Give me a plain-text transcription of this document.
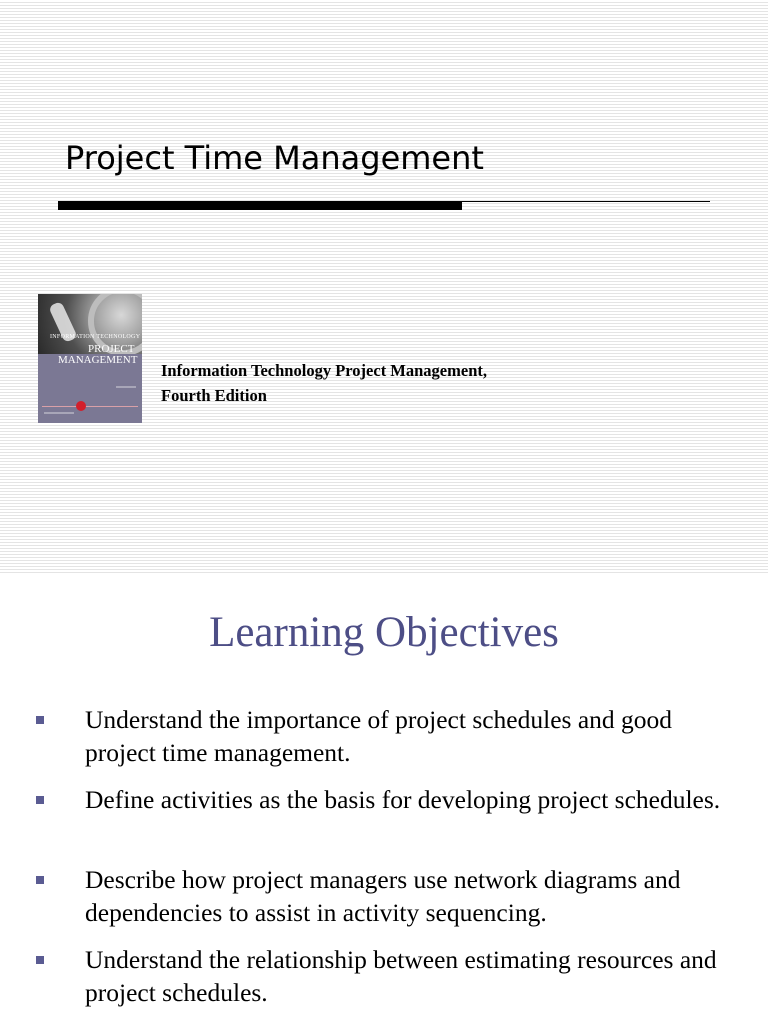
Project Time Management

INFORMATION TECHNOLOGY

PROJECT

MANAGEMENT

Information Technology Project Management,
Fourth Edition

Learning Objectives
Understand the importance of project schedules and good project time management.
Define activities as the basis for developing project schedules.
Describe how project managers use network diagrams and dependencies to assist in activity sequencing.
Understand the relationship between estimating resources and project schedules.
